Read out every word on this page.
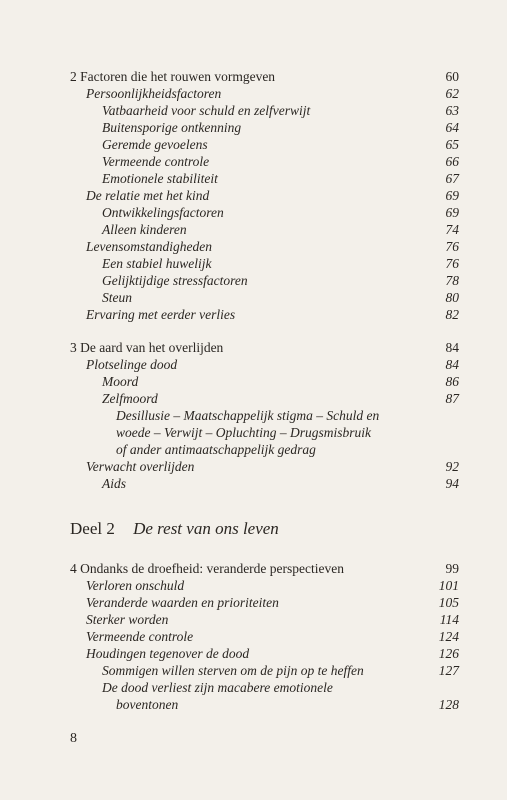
2 Factoren die het rouwen vormgeven	60
Persoonlijkheidsfactoren	62
Vatbaarheid voor schuld en zelfverwijt	63
Buitensporige ontkenning	64
Geremde gevoelens	65
Vermeende controle	66
Emotionele stabiliteit	67
De relatie met het kind	69
Ontwikkelingsfactoren	69
Alleen kinderen	74
Levensomstandigheden	76
Een stabiel huwelijk	76
Gelijktijdige stressfactoren	78
Steun	80
Ervaring met eerder verlies	82
3 De aard van het overlijden	84
Plotselinge dood	84
Moord	86
Zelfmoord	87
Desillusie – Maatschappelijk stigma – Schuld en
woede – Verwijt – Opluchting – Drugsmisbruik
of ander antimaatschappelijk gedrag
Verwacht overlijden	92
Aids	94
Deel 2 De rest van ons leven
4 Ondanks de droefheid: veranderde perspectieven	99
Verloren onschuld	101
Veranderde waarden en prioriteiten	105
Sterker worden	114
Vermeende controle	124
Houdingen tegenover de dood	126
Sommigen willen sterven om de pijn op te heffen	127
De dood verliest zijn macabere emotionele
boventonen	128
8
